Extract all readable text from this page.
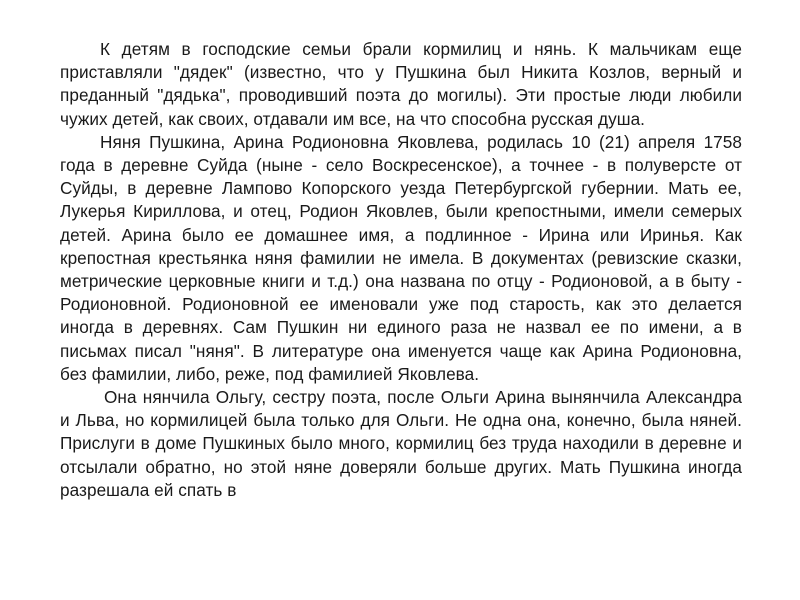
К детям в господские семьи брали кормилиц и нянь. К мальчикам еще приставляли "дядек" (известно, что у Пушкина был Никита Козлов, верный и преданный "дядька", проводивший поэта до могилы). Эти простые люди любили чужих детей, как своих, отдавали им все, на что способна русская душа.

Няня Пушкина, Арина Родионовна Яковлева, родилась 10 (21) апреля 1758 года в деревне Суйда (ныне - село Воскресенское), а точнее - в полуверсте от Суйды, в деревне Лампово Копорского уезда Петербургской губернии. Мать ее, Лукерья Кириллова, и отец, Родион Яковлев, были крепостными, имели семерых детей. Арина было ее домашнее имя, а подлинное - Ирина или Иринья. Как крепостная крестьянка няня фамилии не имела. В документах (ревизские сказки, метрические церковные книги и т.д.) она названа по отцу - Родионовой, а в быту - Родионовной. Родионовной ее именовали уже под старость, как это делается иногда в деревнях. Сам Пушкин ни единого раза не назвал ее по имени, а в письмах писал "няня". В литературе она именуется чаще как Арина Родионовна, без фамилии, либо, реже, под фамилией Яковлева.

Она нянчила Ольгу, сестру поэта, после Ольги Арина вынянчила Александра и Льва, но кормилицей была только для Ольги. Не одна она, конечно, была няней. Прислуги в доме Пушкиных было много, кормилиц без труда находили в деревне и отсылали обратно, но этой няне доверяли больше других. Мать Пушкина иногда разрешала ей спать в
